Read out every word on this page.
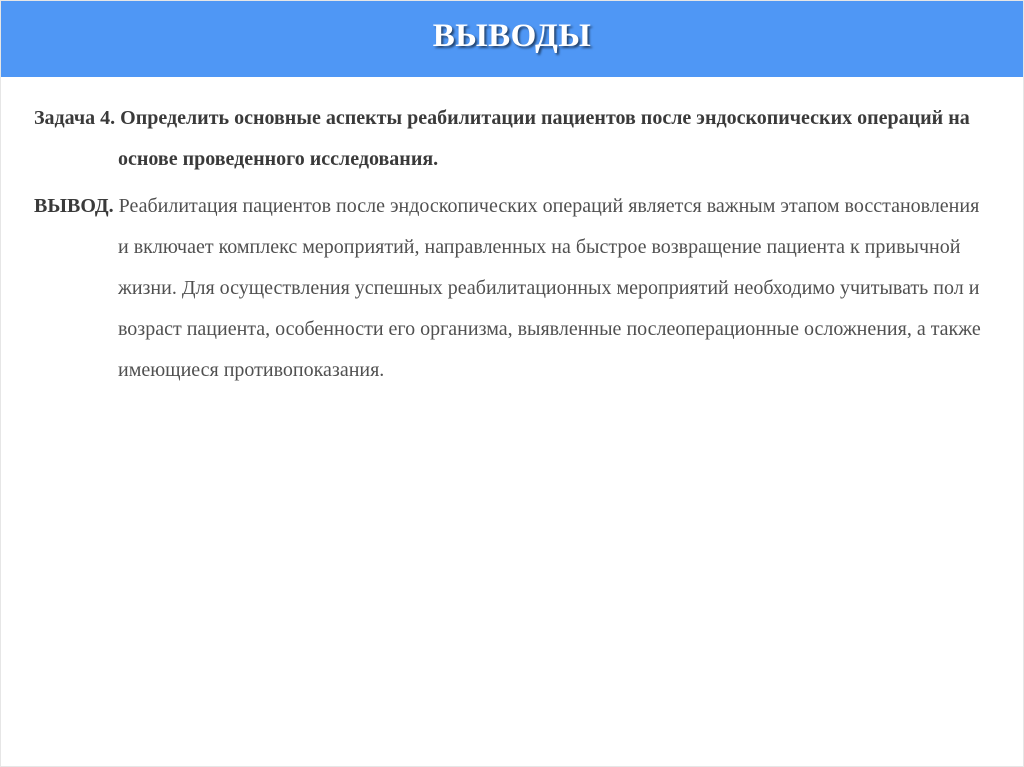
ВЫВОДЫ

Задача 4. Определить основные аспекты реабилитации пациентов после эндоскопических операций на основе проведенного исследования.

ВЫВОД. Реабилитация пациентов после эндоскопических операций является важным этапом восстановления и включает комплекс мероприятий, направленных на быстрое возвращение пациента к привычной жизни. Для осуществления успешных реабилитационных мероприятий необходимо учитывать пол и возраст пациента, особенности его организма, выявленные послеоперационные осложнения, а также имеющиеся противопоказания.
